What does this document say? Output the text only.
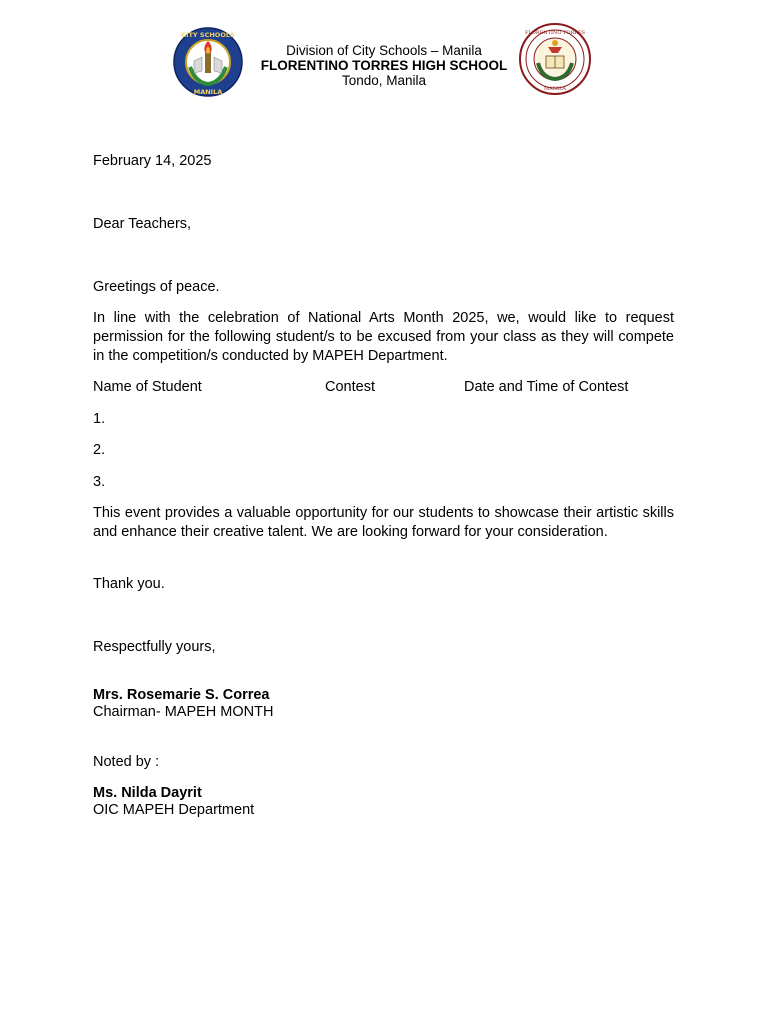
CITY SCHOOLS
MANILA
Division of City Schools – Manila
FLORENTINO TORRES HIGH SCHOOL
Tondo, Manila
FLORENTINO TORRES
MANILA
February 14, 2025
Dear Teachers,
Greetings of peace.
In line with the celebration of National Arts Month 2025, we, would like to request permission for the following student/s to be excused from your class as they will compete in the competition/s conducted by MAPEH Department.
Name of Student	Contest	Date and Time of Contest
1.
2.
3.
This event provides a valuable opportunity for our students to showcase their artistic skills and enhance their creative talent. We are looking forward for your consideration.
Thank you.
Respectfully yours,
Mrs. Rosemarie S. Correa
Chairman- MAPEH MONTH
Noted by :
Ms. Nilda Dayrit
OIC MAPEH Department
